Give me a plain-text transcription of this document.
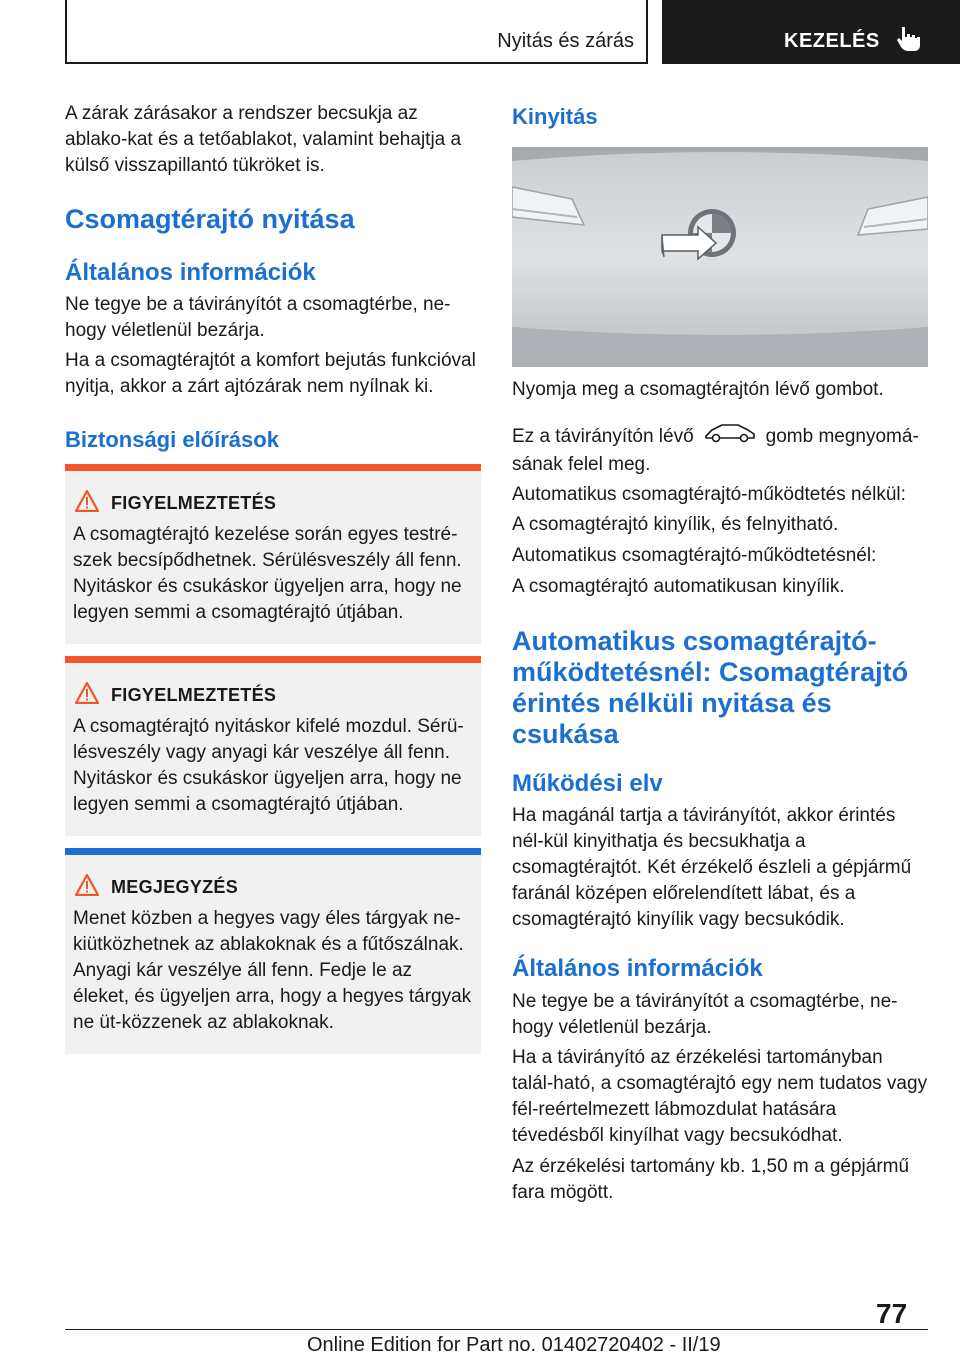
Nyitás és zárás	KEZELÉS

A zárak zárásakor a rendszer becsukja az ablako-kat és a tetőablakot, valamint behajtja a külső visszapillantó tükröket is.

Csomagtérajtó nyitása
Általános információk

Ne tegye be a távirányítót a csomagtérbe, ne-hogy véletlenül bezárja.

Ha a csomagtérajtót a komfort bejutás funkcióval nyitja, akkor a zárt ajtózárak nem nyílnak ki.

Biztonsági előírások
FIGYELMEZTETÉS
A csomagtérajtó kezelése során egyes testré-szek becsípődhetnek. Sérülésveszély áll fenn. Nyitáskor és csukáskor ügyeljen arra, hogy ne legyen semmi a csomagtérajtó útjában.
FIGYELMEZTETÉS
A csomagtérajtó nyitáskor kifelé mozdul. Sérü-lésveszély vagy anyagi kár veszélye áll fenn. Nyitáskor és csukáskor ügyeljen arra, hogy ne legyen semmi a csomagtérajtó útjában.
MEGJEGYZÉS
Menet közben a hegyes vagy éles tárgyak ne-kiütközhetnek az ablakoknak és a fűtőszálnak. Anyagi kár veszélye áll fenn. Fedje le az éleket, és ügyeljen arra, hogy a hegyes tárgyak ne üt-közzenek az ablakoknak.
Kinyitás

Nyomja meg a csomagtérajtón lévő gombot.

Ez a távirányítón lévő	gomb megnyomá-sának felel meg.

Automatikus csomagtérajtó-működtetés nélkül:

A csomagtérajtó kinyílik, és felnyitható.

Automatikus csomagtérajtó-működtetésnél:

A csomagtérajtó automatikusan kinyílik.

Automatikus csomagtérajtó-működtetésnél: Csomagtérajtó érintés nélküli nyitása és csukása
Működési elv

Ha magánál tartja a távirányítót, akkor érintés nél-kül kinyithatja és becsukhatja a csomagtérajtót. Két érzékelő észleli a gépjármű faránál középen előrelendített lábat, és a csomagtérajtó kinyílik vagy becsukódik.

Általános információk

Ne tegye be a távirányítót a csomagtérbe, ne-hogy véletlenül bezárja.

Ha a távirányító az érzékelési tartományban talál-ható, a csomagtérajtó egy nem tudatos vagy fél-reértelmezett lábmozdulat hatására tévedésből kinyílhat vagy becsukódhat.

Az érzékelési tartomány kb. 1,50 m a gépjármű fara mögött.

77
Online Edition for Part no. 01402720402 - II/19
